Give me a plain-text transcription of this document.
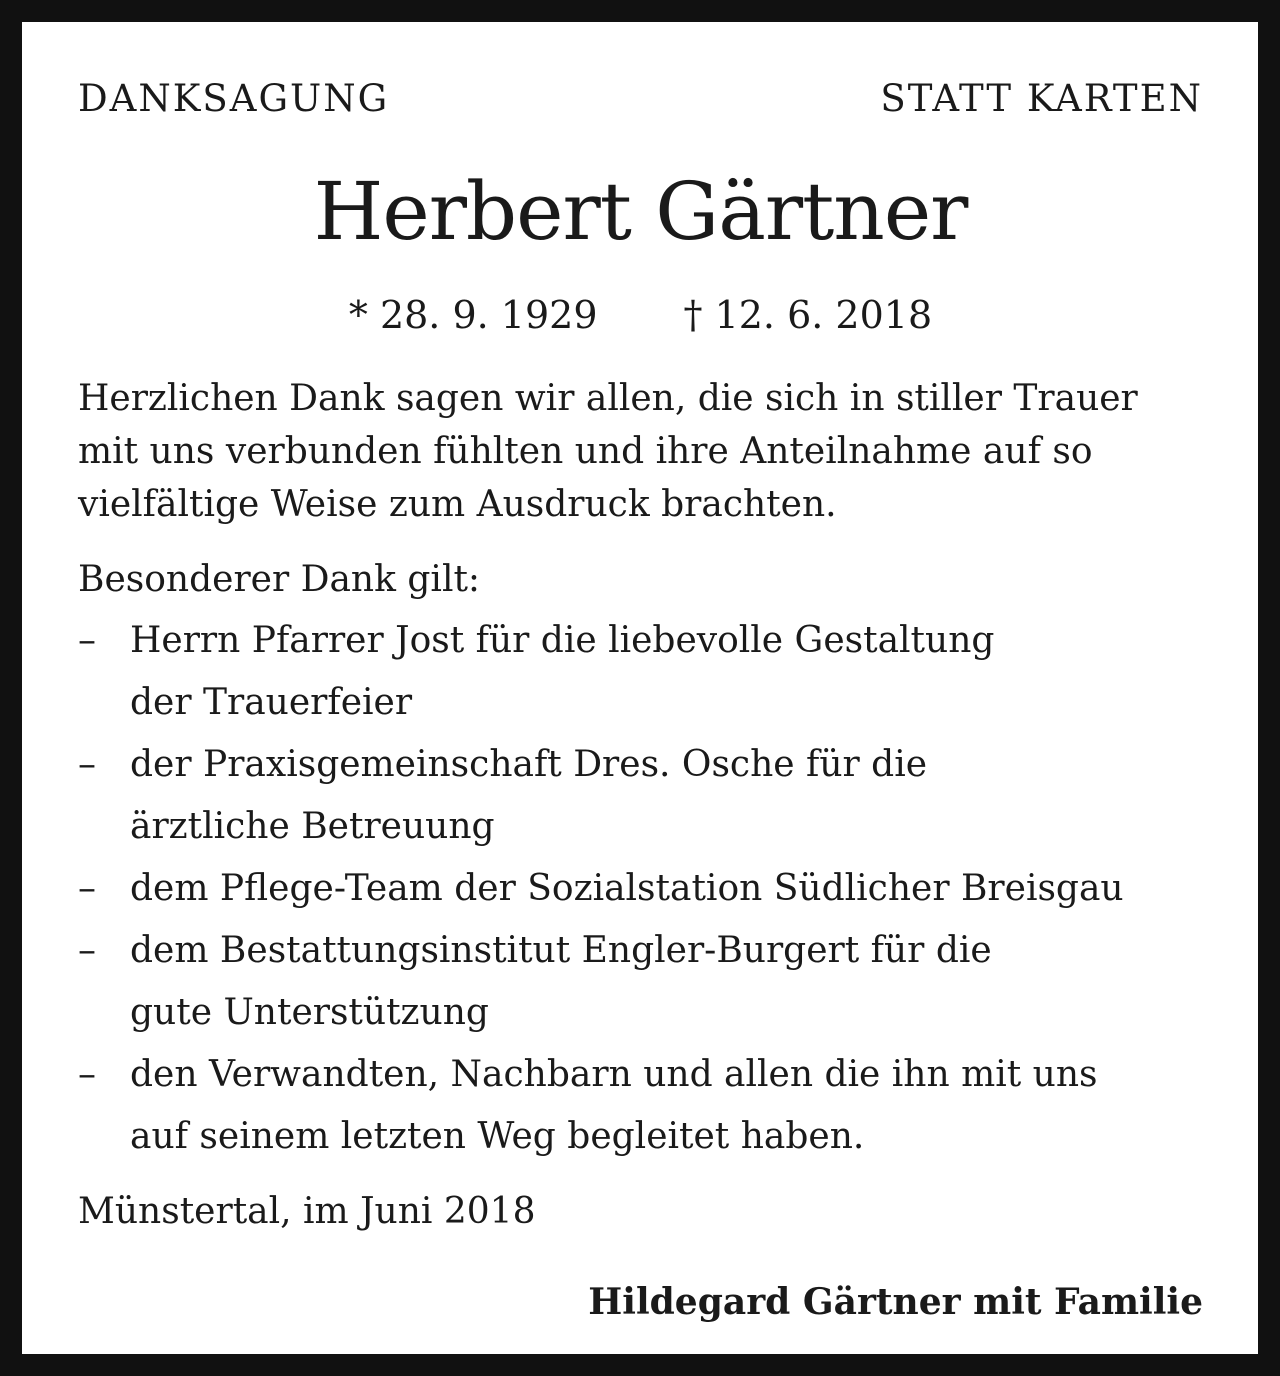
DANKSAGUNG	STATT KARTEN
Herbert Gärtner
* 28. 9. 1929 † 12. 6. 2018

Herzlichen Dank sagen wir allen, die sich in stiller Trauer mit uns verbunden fühlten und ihre Anteilnahme auf so vielfältige Weise zum Ausdruck brachten.

Besonderer Dank gilt:
– Herrn Pfarrer Jost für die liebevolle Gestaltung
der Trauerfeier
– der Praxisgemeinschaft Dres. Osche für die
ärztliche Betreuung
– dem Pflege-Team der Sozialstation Südlicher Breisgau
– dem Bestattungsinstitut Engler-Burgert für die
gute Unterstützung
– den Verwandten, Nachbarn und allen die ihn mit uns
auf seinem letzten Weg begleitet haben.
Münstertal, im Juni 2018
Hildegard Gärtner mit Familie
